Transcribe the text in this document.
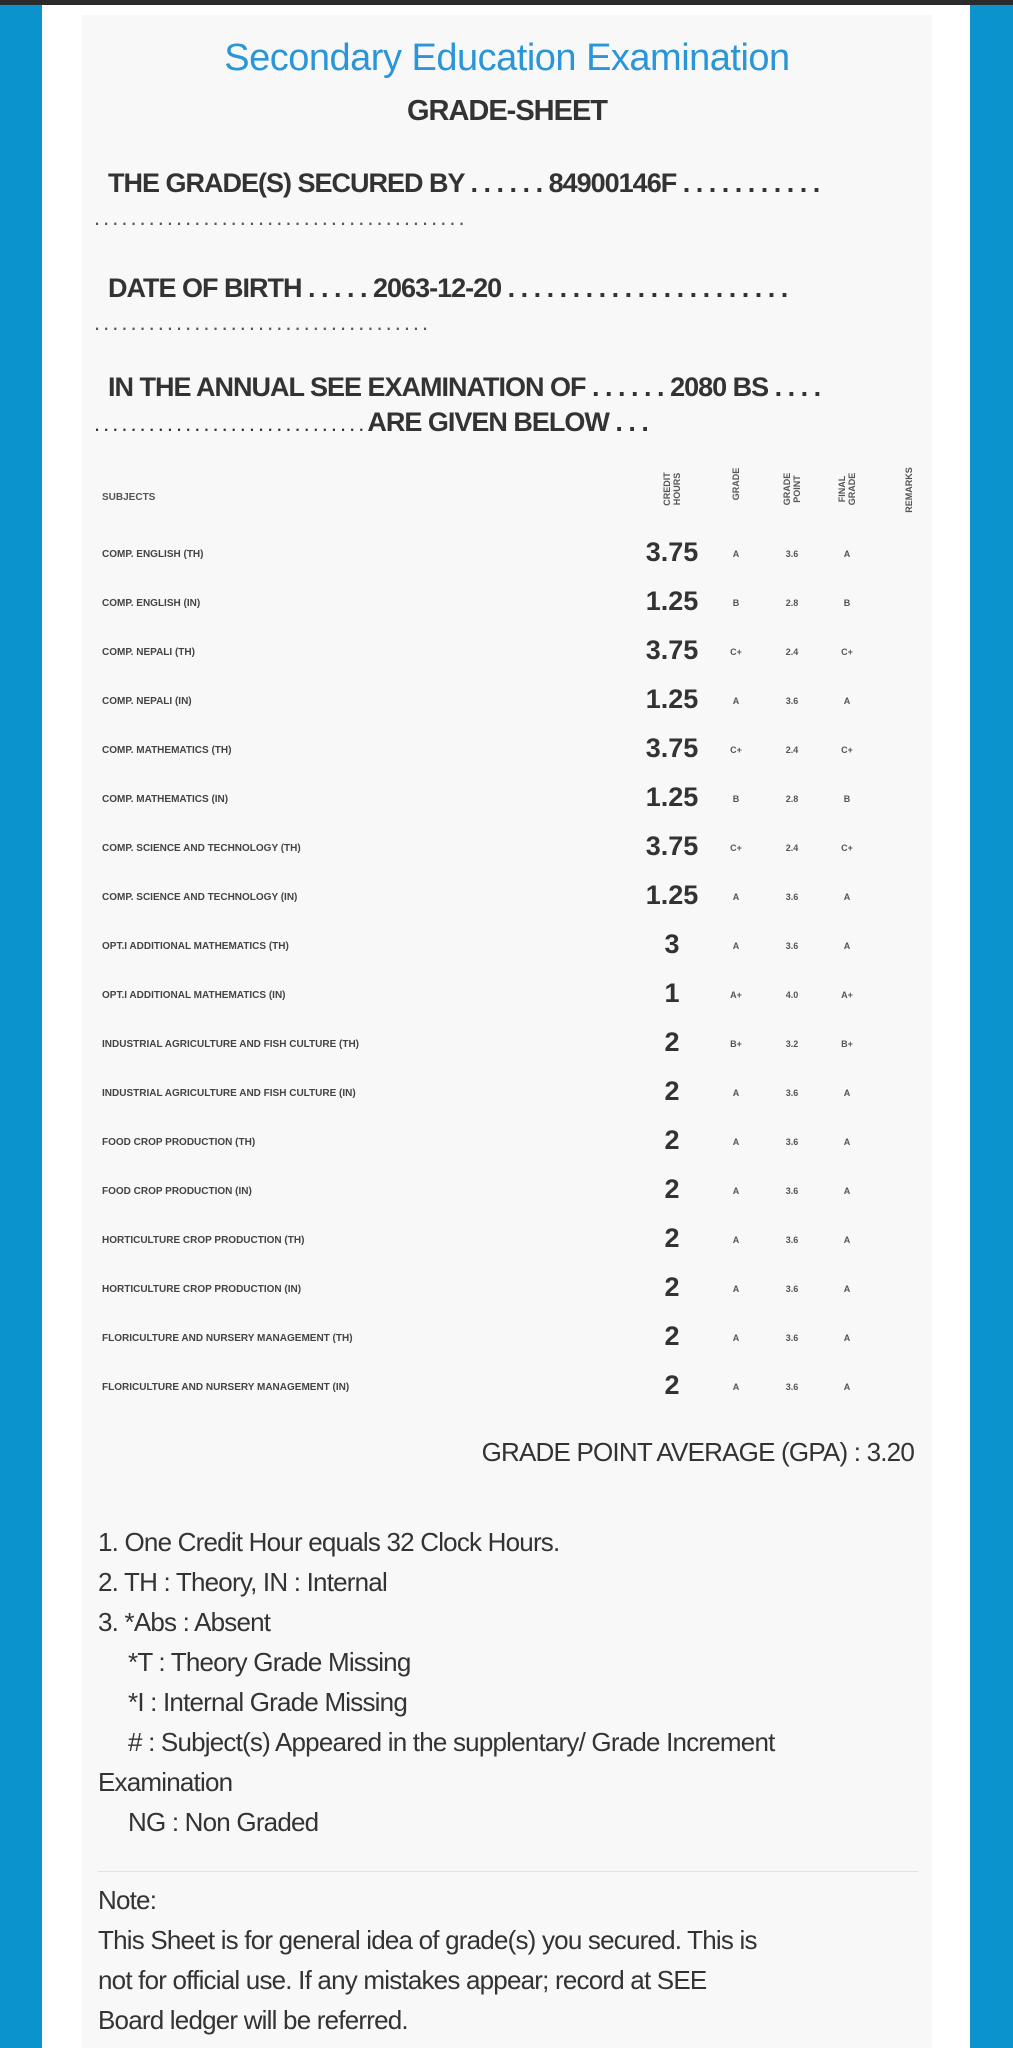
Secondary Education Examination
GRADE-SHEET
THE GRADE(S) SECURED BY . . . . . . 84900146F . . . . . . . . . . .
.........................................
DATE OF BIRTH . . . . . 2063-12-20 . . . . . . . . . . . . . . . . . . . . . .
.....................................
IN THE ANNUAL SEE EXAMINATION OF . . . . . . 2080 BS . . . .
..............................ARE GIVEN BELOW . . .
SUBJECTS	CREDIT HOURS	GRADE	GRADE POINT	FINAL GRADE	REMARKS
COMP. ENGLISH (TH)	3.75	A	3.6	A
COMP. ENGLISH (IN)	1.25	B	2.8	B
COMP. NEPALI (TH)	3.75	C+	2.4	C+
COMP. NEPALI (IN)	1.25	A	3.6	A
COMP. MATHEMATICS (TH)	3.75	C+	2.4	C+
COMP. MATHEMATICS (IN)	1.25	B	2.8	B
COMP. SCIENCE AND TECHNOLOGY (TH)	3.75	C+	2.4	C+
COMP. SCIENCE AND TECHNOLOGY (IN)	1.25	A	3.6	A
OPT.I ADDITIONAL MATHEMATICS (TH)	3	A	3.6	A
OPT.I ADDITIONAL MATHEMATICS (IN)	1	A+	4.0	A+
INDUSTRIAL AGRICULTURE AND FISH CULTURE (TH)	2	B+	3.2	B+
INDUSTRIAL AGRICULTURE AND FISH CULTURE (IN)	2	A	3.6	A
FOOD CROP PRODUCTION (TH)	2	A	3.6	A
FOOD CROP PRODUCTION (IN)	2	A	3.6	A
HORTICULTURE CROP PRODUCTION (TH)	2	A	3.6	A
HORTICULTURE CROP PRODUCTION (IN)	2	A	3.6	A
FLORICULTURE AND NURSERY MANAGEMENT (TH)	2	A	3.6	A
FLORICULTURE AND NURSERY MANAGEMENT (IN)	2	A	3.6	A
GRADE POINT AVERAGE (GPA) : 3.20
1. One Credit Hour equals 32 Clock Hours.
2. TH : Theory, IN : Internal
3. *Abs : Absent
*T : Theory Grade Missing
*I : Internal Grade Missing
# : Subject(s) Appeared in the supplentary/ Grade Increment
Examination
NG : Non Graded
Note:
This Sheet is for general idea of grade(s) you secured. This is
not for official use. If any mistakes appear; record at SEE
Board ledger will be referred.
